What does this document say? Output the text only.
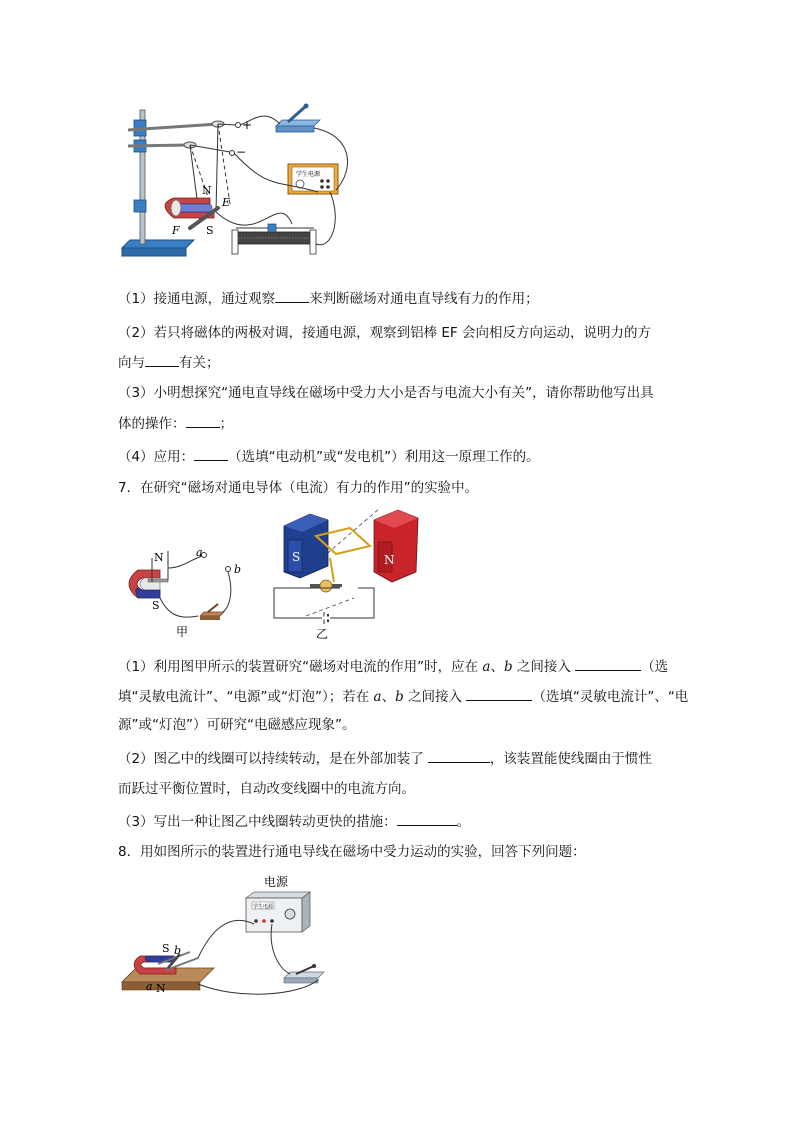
+
−
N
S
E
F
学生电源
（1）接通电源，通过观察	来判断磁场对通电直导线有力的作用；
（2）若只将磁体的两极对调，接通电源，观察到铝棒 EF 会向相反方向运动，说明力的方
向与	有关；
（3）小明想探究“通电直导线在磁场中受力大小是否与电流大小有关”，请你帮助他写出具
体的操作：	；
（4）应用：	（选填“电动机”或“发电机”）利用这一原理工作的。
7．在研究“磁场对通电导体（电流）有力的作用”的实验中。
N
S
a
b
甲
S	N
乙
（1）利用图甲所示的装置研究“磁场对电流的作用”时，应在 a、b 之间接入	（选
填“灵敏电流计”、“电源”或“灯泡”）；若在 a、b 之间接入	（选填“灵敏电流计”、“电
源”或“灯泡”）可研究“电磁感应现象”。
（2）图乙中的线圈可以持续转动，是在外部加装了	，该装置能使线圈由于惯性
而跃过平衡位置时，自动改变线圈中的电流方向。
（3）写出一种让图乙中线圈转动更快的措施：	。
8．用如图所示的装置进行通电导线在磁场中受力运动的实验，回答下列问题：
电源
学生电源
S b
a N
